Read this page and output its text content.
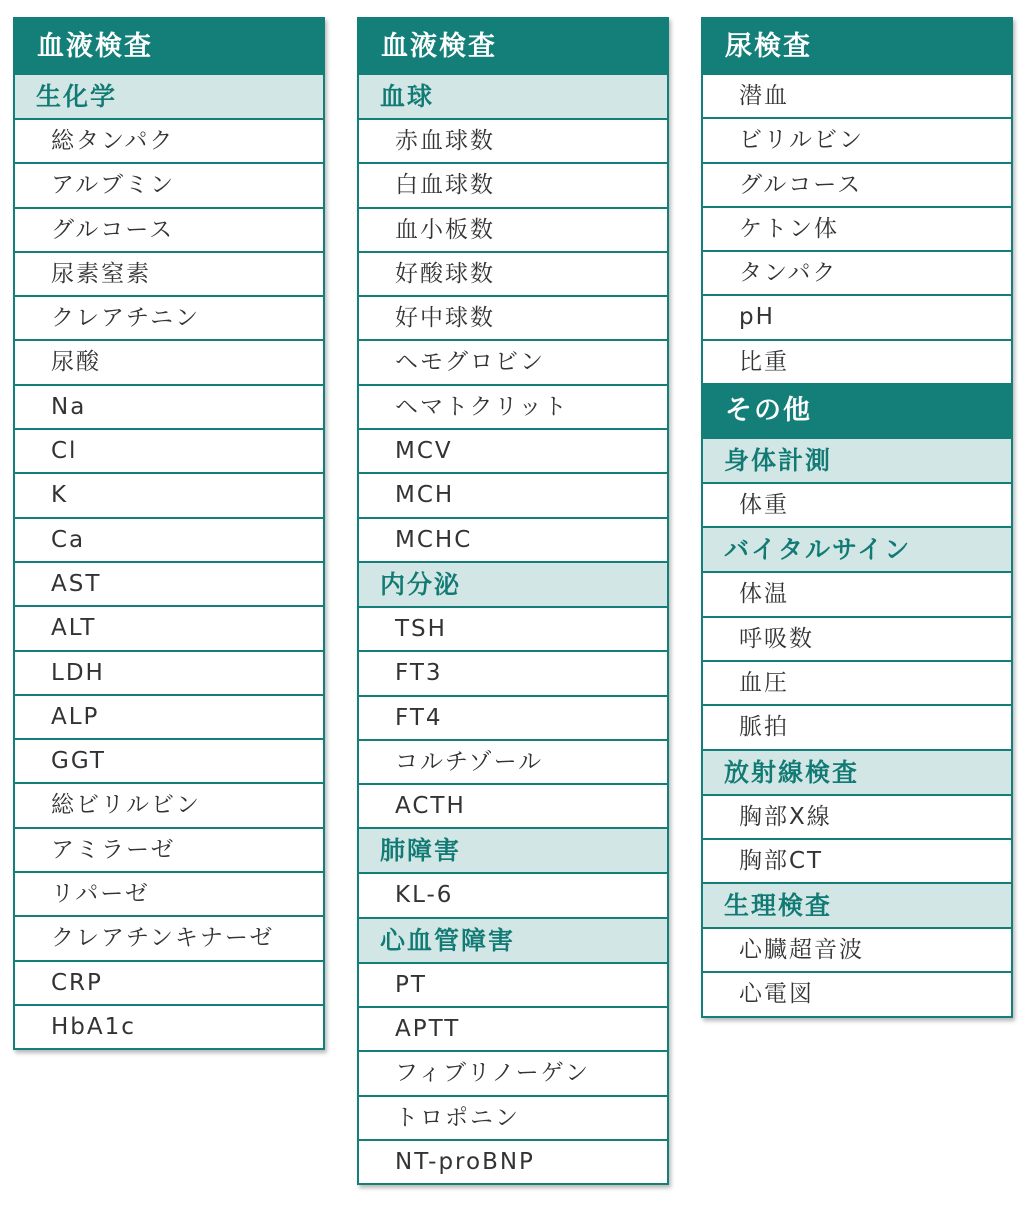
血液検査
生化学
総タンパク
アルブミン
グルコース
尿素窒素
クレアチニン
尿酸
Na
Cl
K
Ca
AST
ALT
LDH
ALP
GGT
総ビリルビン
アミラーゼ
リパーゼ
クレアチンキナーゼ
CRP
HbA1c
血液検査
血球
赤血球数
白血球数
血小板数
好酸球数
好中球数
ヘモグロビン
ヘマトクリット
MCV
MCH
MCHC
内分泌
TSH
FT3
FT4
コルチゾール
ACTH
肺障害
KL-6
心血管障害
PT
APTT
フィブリノーゲン
トロポニン
NT-proBNP
尿検査
潜血
ビリルビン
グルコース
ケトン体
タンパク
pH
比重
その他
身体計測
体重
バイタルサイン
体温
呼吸数
血圧
脈拍
放射線検査
胸部X線
胸部CT
生理検査
心臓超音波
心電図
